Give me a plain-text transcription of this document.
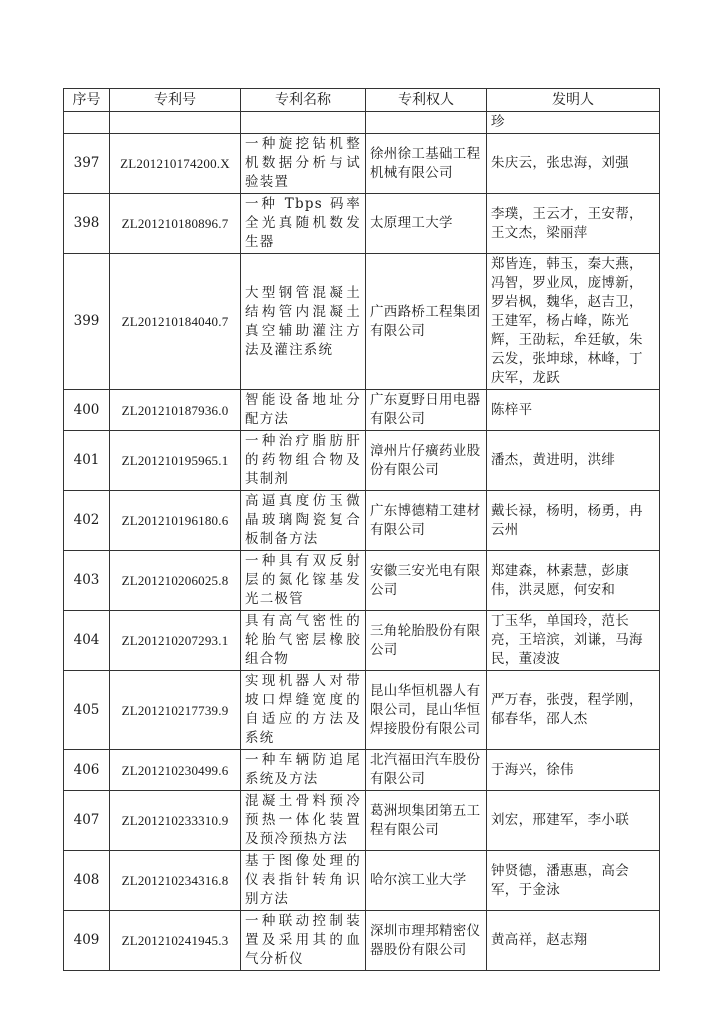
序号	专利号	专利名称	专利权人	发明人
				珍
397	ZL201210174200.X	一种旋挖钻机整机数据分析与试验装置	徐州徐工基础工程机械有限公司	朱庆云，张忠海，刘强
398	ZL201210180896.7	一种 Tbps 码率全光真随机数发生器	太原理工大学	李璞，王云才，王安帮，王文杰，梁丽萍
399	ZL201210184040.7	大型钢管混凝土结构管内混凝土真空辅助灌注方法及灌注系统	广西路桥工程集团有限公司	郑皆连，韩玉，秦大燕，冯智，罗业凤，庞博新，罗岩枫，魏华，赵吉卫，王建军，杨占峰，陈光辉，王劭耘，牟廷敏，朱云发，张坤球，林峰，丁庆军，龙跃
400	ZL201210187936.0	智能设备地址分配方法	广东夏野日用电器有限公司	陈梓平
401	ZL201210195965.1	一种治疗脂肪肝的药物组合物及其制剂	漳州片仔癀药业股份有限公司	潘杰，黄进明，洪绯
402	ZL201210196180.6	高逼真度仿玉微晶玻璃陶瓷复合板制备方法	广东博德精工建材有限公司	戴长禄，杨明，杨勇，冉云州
403	ZL201210206025.8	一种具有双反射层的氮化镓基发光二极管	安徽三安光电有限公司	郑建森，林素慧，彭康伟，洪灵愿，何安和
404	ZL201210207293.1	具有高气密性的轮胎气密层橡胶组合物	三角轮胎股份有限公司	丁玉华，单国玲，范长亮，王培滨，刘谦，马海民，董凌波
405	ZL201210217739.9	实现机器人对带坡口焊缝宽度的自适应的方法及系统	昆山华恒机器人有限公司，昆山华恒焊接股份有限公司	严万春，张弢，程学刚，郁春华，邵人杰
406	ZL201210230499.6	一种车辆防追尾系统及方法	北汽福田汽车股份有限公司	于海兴，徐伟
407	ZL201210233310.9	混凝土骨料预冷预热一体化装置及预冷预热方法	葛洲坝集团第五工程有限公司	刘宏，邢建军，李小联
408	ZL201210234316.8	基于图像处理的仪表指针转角识别方法	哈尔滨工业大学	钟贤德，潘惠惠，高会军，于金泳
409	ZL201210241945.3	一种联动控制装置及采用其的血气分析仪	深圳市理邦精密仪器股份有限公司	黄高祥，赵志翔
